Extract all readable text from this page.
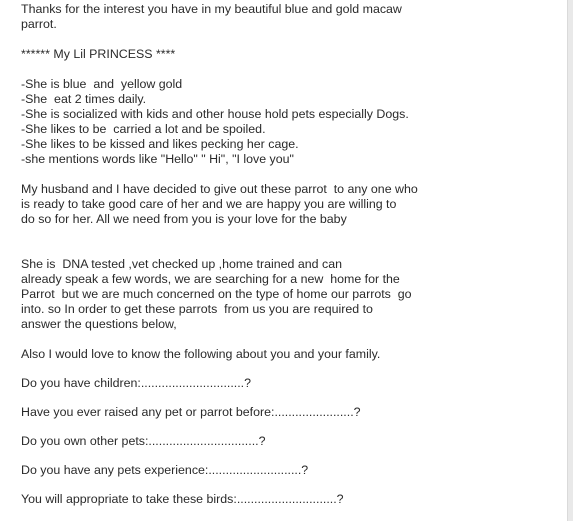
Thanks for the interest you have in my beautiful blue and gold macaw
parrot.
****** My Lil PRINCESS ****
-She is blue  and  yellow gold
-She  eat 2 times daily.
-She is socialized with kids and other house hold pets especially Dogs.
-She likes to be  carried a lot and be spoiled.
-She likes to be kissed and likes pecking her cage.
-she mentions words like "Hello" " Hi", "I love you"
My husband and I have decided to give out these parrot  to any one who
is ready to take good care of her and we are happy you are willing to
do so for her. All we need from you is your love for the baby
She is  DNA tested ,vet checked up ,home trained and can
already speak a few words, we are searching for a new  home for the
Parrot  but we are much concerned on the type of home our parrots  go
into. so In order to get these parrots  from us you are required to
answer the questions below,
Also I would love to know the following about you and your family.
Do you have children:..............................?
Have you ever raised any pet or parrot before:.......................?
Do you own other pets:................................?
Do you have any pets experience:...........................?
You will appropriate to take these birds:.............................?
